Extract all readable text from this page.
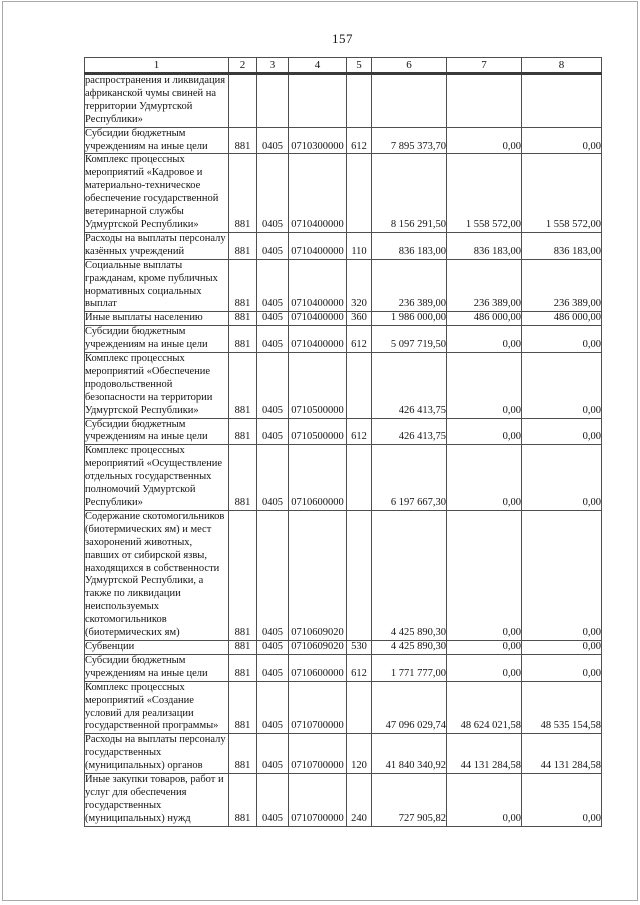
157
1	2	3	4	5	6	7	8
распространения и ликвидация африканской чумы свиней на территории Удмуртской Республики»							
Субсидии бюджетным учреждениям на иные цели	881	0405	0710300000	612	7 895 373,70	0,00	0,00
Комплекс процессных мероприятий «Кадровое и материально-техническое обеспечение государственной ветеринарной службы Удмуртской Республики»	881	0405	0710400000		8 156 291,50	1 558 572,00	1 558 572,00
Расходы на выплаты персоналу казённых учреждений	881	0405	0710400000	110	836 183,00	836 183,00	836 183,00
Социальные выплаты гражданам, кроме публичных нормативных социальных выплат	881	0405	0710400000	320	236 389,00	236 389,00	236 389,00
Иные выплаты населению	881	0405	0710400000	360	1 986 000,00	486 000,00	486 000,00
Субсидии бюджетным учреждениям на иные цели	881	0405	0710400000	612	5 097 719,50	0,00	0,00
Комплекс процессных мероприятий «Обеспечение продовольственной безопасности на территории Удмуртской Республики»	881	0405	0710500000		426 413,75	0,00	0,00
Субсидии бюджетным учреждениям на иные цели	881	0405	0710500000	612	426 413,75	0,00	0,00
Комплекс процессных мероприятий «Осуществление отдельных государственных полномочий Удмуртской Республики»	881	0405	0710600000		6 197 667,30	0,00	0,00
Содержание скотомогильников (биотермических ям) и мест захоронений животных, павших от сибирской язвы, находящихся в собственности Удмуртской Республики, а также по ликвидации неиспользуемых скотомогильников (биотермических ям)	881	0405	0710609020		4 425 890,30	0,00	0,00
Субвенции	881	0405	0710609020	530	4 425 890,30	0,00	0,00
Субсидии бюджетным учреждениям на иные цели	881	0405	0710600000	612	1 771 777,00	0,00	0,00
Комплекс процессных мероприятий «Создание условий для реализации государственной программы»	881	0405	0710700000		47 096 029,74	48 624 021,58	48 535 154,58
Расходы на выплаты персоналу государственных (муниципальных) органов	881	0405	0710700000	120	41 840 340,92	44 131 284,58	44 131 284,58
Иные закупки товаров, работ и услуг для обеспечения государственных (муниципальных) нужд	881	0405	0710700000	240	727 905,82	0,00	0,00
